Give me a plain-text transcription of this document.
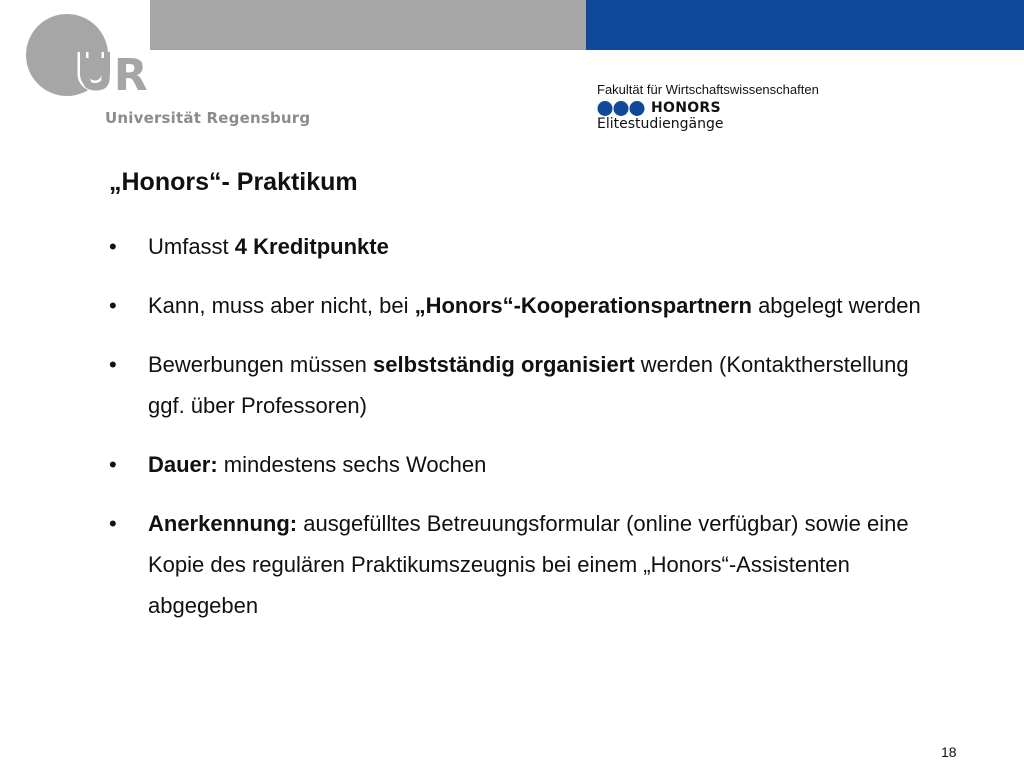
UR
Universität Regensburg
Fakultät für Wirtschaftswissenschaften
HONORS
Elitestudiengänge
„Honors“- Praktikum
• Umfasst 4 Kreditpunkte
• Kann, muss aber nicht, bei „Honors“-Kooperationspartnern abgelegt werden
• Bewerbungen müssen selbstständig organisiert werden (Kontaktherstellung ggf. über Professoren)
• Dauer: mindestens sechs Wochen
• Anerkennung: ausgefülltes Betreuungsformular (online verfügbar) sowie eine Kopie des regulären Praktikumszeugnis bei einem „Honors“-Assistenten abgegeben
18
